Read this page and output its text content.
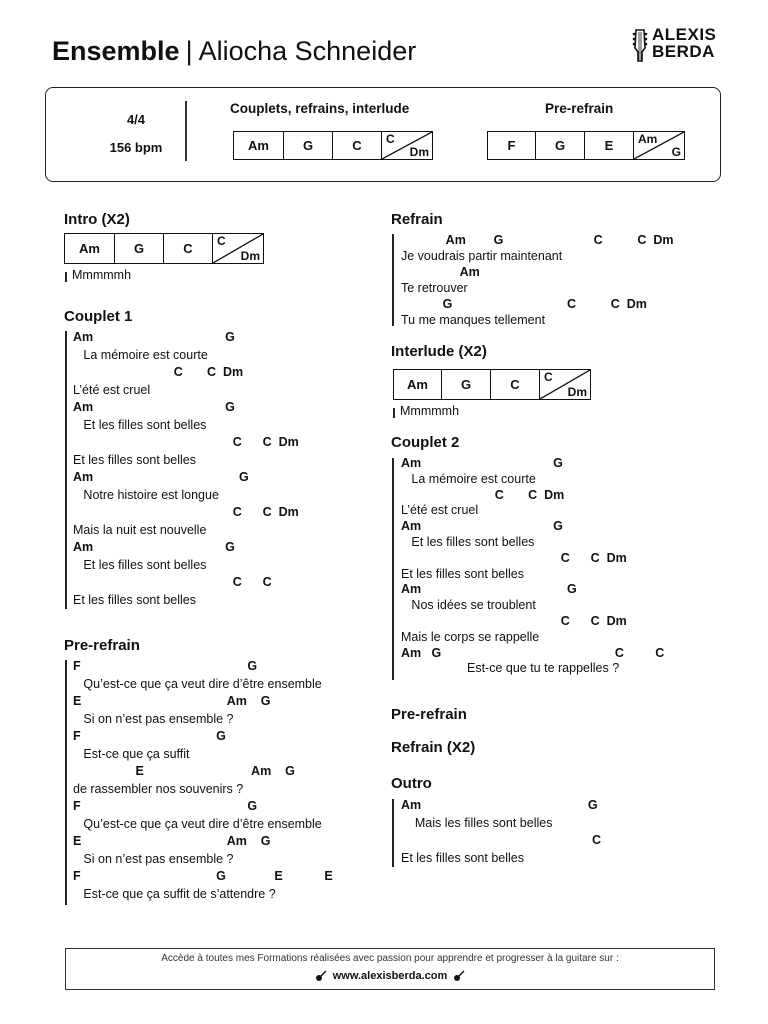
Ensemble | Aliocha Schneider
ALEXIS
BERDA
4/4
156 bpm
Couplets, refrains, interlude
Am	G	C	C
Dm
Pre-refrain
F	G	E	Am
G
Intro (X2)
Am	G	C	C
Dm
Mmmmmh
Couplet 1
Am                                      G
La mémoire est courte
C       C  Dm
L’été est cruel
Am                                      G
Et les filles sont belles
C      C  Dm
Et les filles sont belles
Am                                          G
Notre histoire est longue
C      C  Dm
Mais la nuit est nouvelle
Am                                      G
Et les filles sont belles
C      C
Et les filles sont belles
Pre-refrain
F                                                G
Qu’est-ce que ça veut dire d’être ensemble
E                                          Am    G
Si on n’est pas ensemble ?
F                                       G
Est-ce que ça suffit
E                               Am    G
de rassembler nos souvenirs ?
F                                                G
Qu’est-ce que ça veut dire d’être ensemble
E                                          Am    G
Si on n’est pas ensemble ?
F                                       G              E            E
Est-ce que ça suffit de s’attendre ?
Refrain
Am        G                          C          C  Dm
Je voudrais partir maintenant
Am
Te retrouver
G                                 C          C  Dm
Tu me manques tellement
Interlude (X2)
Am	G	C	C
Dm
Mmmmmh
Couplet 2
Am                                      G
La mémoire est courte
C       C  Dm
L’été est cruel
Am                                      G
Et les filles sont belles
C      C  Dm
Et les filles sont belles
Am                                          G
Nos idées se troublent
C      C  Dm
Mais le corps se rappelle
Am   G                                                  C         C
Est-ce que tu te rappelles ?
Pre-refrain
Refrain (X2)
Outro
Am                                                G
Mais les filles sont belles
C
Et les filles sont belles
Accède à toutes mes Formations réalisées avec passion pour apprendre et progresser à la guitare sur :
www.alexisberda.com
